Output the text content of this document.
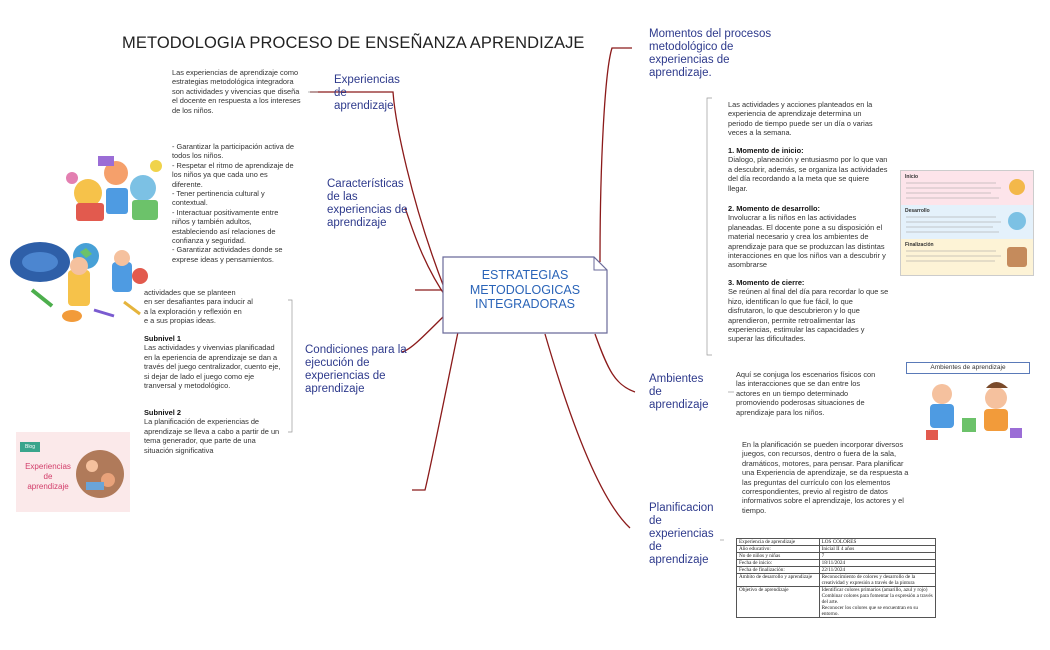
METODOLOGIA PROCESO DE ENSEÑANZA APRENDIZAJE
ESTRATEGIAS
METODOLOGICAS
INTEGRADORAS
Experiencias
de
aprendizaje
Las experiencias de aprendizaje como estrategias metodológica integradora son actividades y vivencias que diseña el docente en respuesta a los intereses de los niños.
Características
de las
experiencias de
aprendizaje
- Garantizar la participación activa de todos los niños.
- Respetar el ritmo de aprendizaje de los niños ya que cada uno es diferente.
- Tener pertinencia cultural y contextual.
- Interactuar positivamente entre niños y también adultos, estableciendo así relaciones de confianza y seguridad.
- Garantizar actividades donde se exprese ideas y pensamientos.
Condiciones para la
ejecución de
experiencias de
aprendizaje
actividades que se planteen
en ser desafiantes para inducir al
a la exploración y reflexión en
e a sus propias ideas.
Subnivel 1
Las actividades y vivenvias planificadad en la eperiencia de aprendizaje se dan a través del juego centralizador, cuento eje, si dejar de lado el juego como eje tranversal y metodológico.
Subnivel 2
La planificación de experiencias de aprendizaje se lleva a cabo a partir de un tema generador, que parte de una situación significativa
Blog
Experiencias
de
aprendizaje
Momentos del procesos
metodológico de
experiencias de
aprendizaje.
Las actividades y acciones planteados en la experiencia de aprendizaje determina un periodo de tiempo puede ser un día o varias veces a la semana.
1. Momento de inicio:
Dialogo, planeación y entusiasmo por lo que van a descubrir, además, se organiza las actividades del día recordando a la meta que se quiere llegar.
2. Momento de desarrollo:
Involucrar a lis niños en las actividades planeadas. El docente pone a su disposición el material necesario y crea los ambientes de aprendizaje para que se produzcan las distintas interacciones en que los niños van a descubrir y asombrarse
3. Momento de cierre:
Se reúnen al final del día para recordar lo que se hizo, identifican lo que fue fácil, lo que disfrutaron, lo que descubrieron y lo que aprendieron, permite retroalimentar las experiencias, estimular las capacidades y superar las dificultades.
Inicio
Desarrollo
Finalización
Ambientes
de
aprendizaje
Aquí se conjuga los escenarios físicos con las interacciones que se dan entre los actores en un tiempo determinado promoviendo poderosas situaciones de aprendizaje para los niños.
Ambientes de aprendizaje
Planificacion
de
experiencias
de
aprendizaje
En la planificación se pueden incorporar diversos juegos, con recursos, dentro o fuera de la sala, dramáticos, motores, para pensar. Para planificar una Experiencia de aprendizaje, se da respuesta a las preguntas del currículo con los elementos correspondientes, previo al registro de datos informativos sobre el aprendizaje, los actores y el tiempo.
Experiencia de aprendizaje	LOS COLORES
Año educativo:	Inicial II 4 años
No de niños y niñas	7
Fecha de inicio:	18/11/2024
Fecha de finalización:	22/11/2024
Ámbito de desarrollo y aprendizaje	Reconocimiento de colores y desarrollo de la creatividad y expresión a través de la pintura
Objetivo de aprendizaje	Identificar colores primarios (amarillo, azul y rojo)
Combinar colores para fomentar la expresión a través del arte.
Reconocer los colores que se encuentran en su entorno.
